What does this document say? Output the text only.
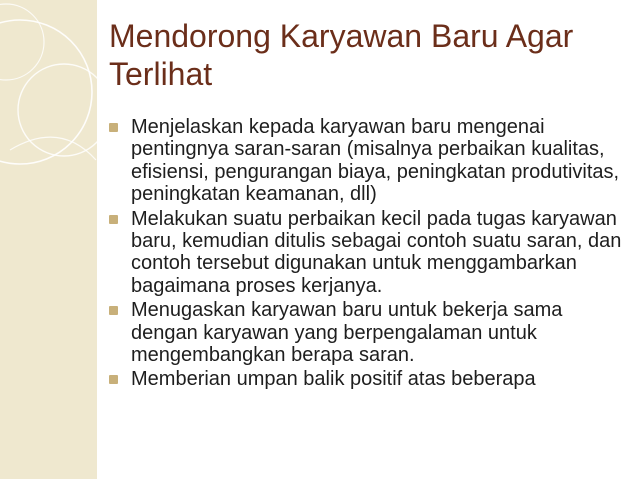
Mendorong Karyawan Baru Agar Terlihat
Menjelaskan kepada karyawan baru mengenai pentingnya saran-saran (misalnya perbaikan kualitas, efisiensi, pengurangan biaya, peningkatan produtivitas, peningkatan keamanan, dll)
Melakukan suatu perbaikan kecil pada tugas karyawan baru, kemudian ditulis sebagai contoh suatu saran, dan contoh tersebut digunakan untuk menggambarkan bagaimana proses kerjanya.
Menugaskan karyawan baru untuk bekerja sama dengan karyawan yang berpengalaman untuk mengembangkan berapa saran.
Memberian umpan balik positif atas beberapa
